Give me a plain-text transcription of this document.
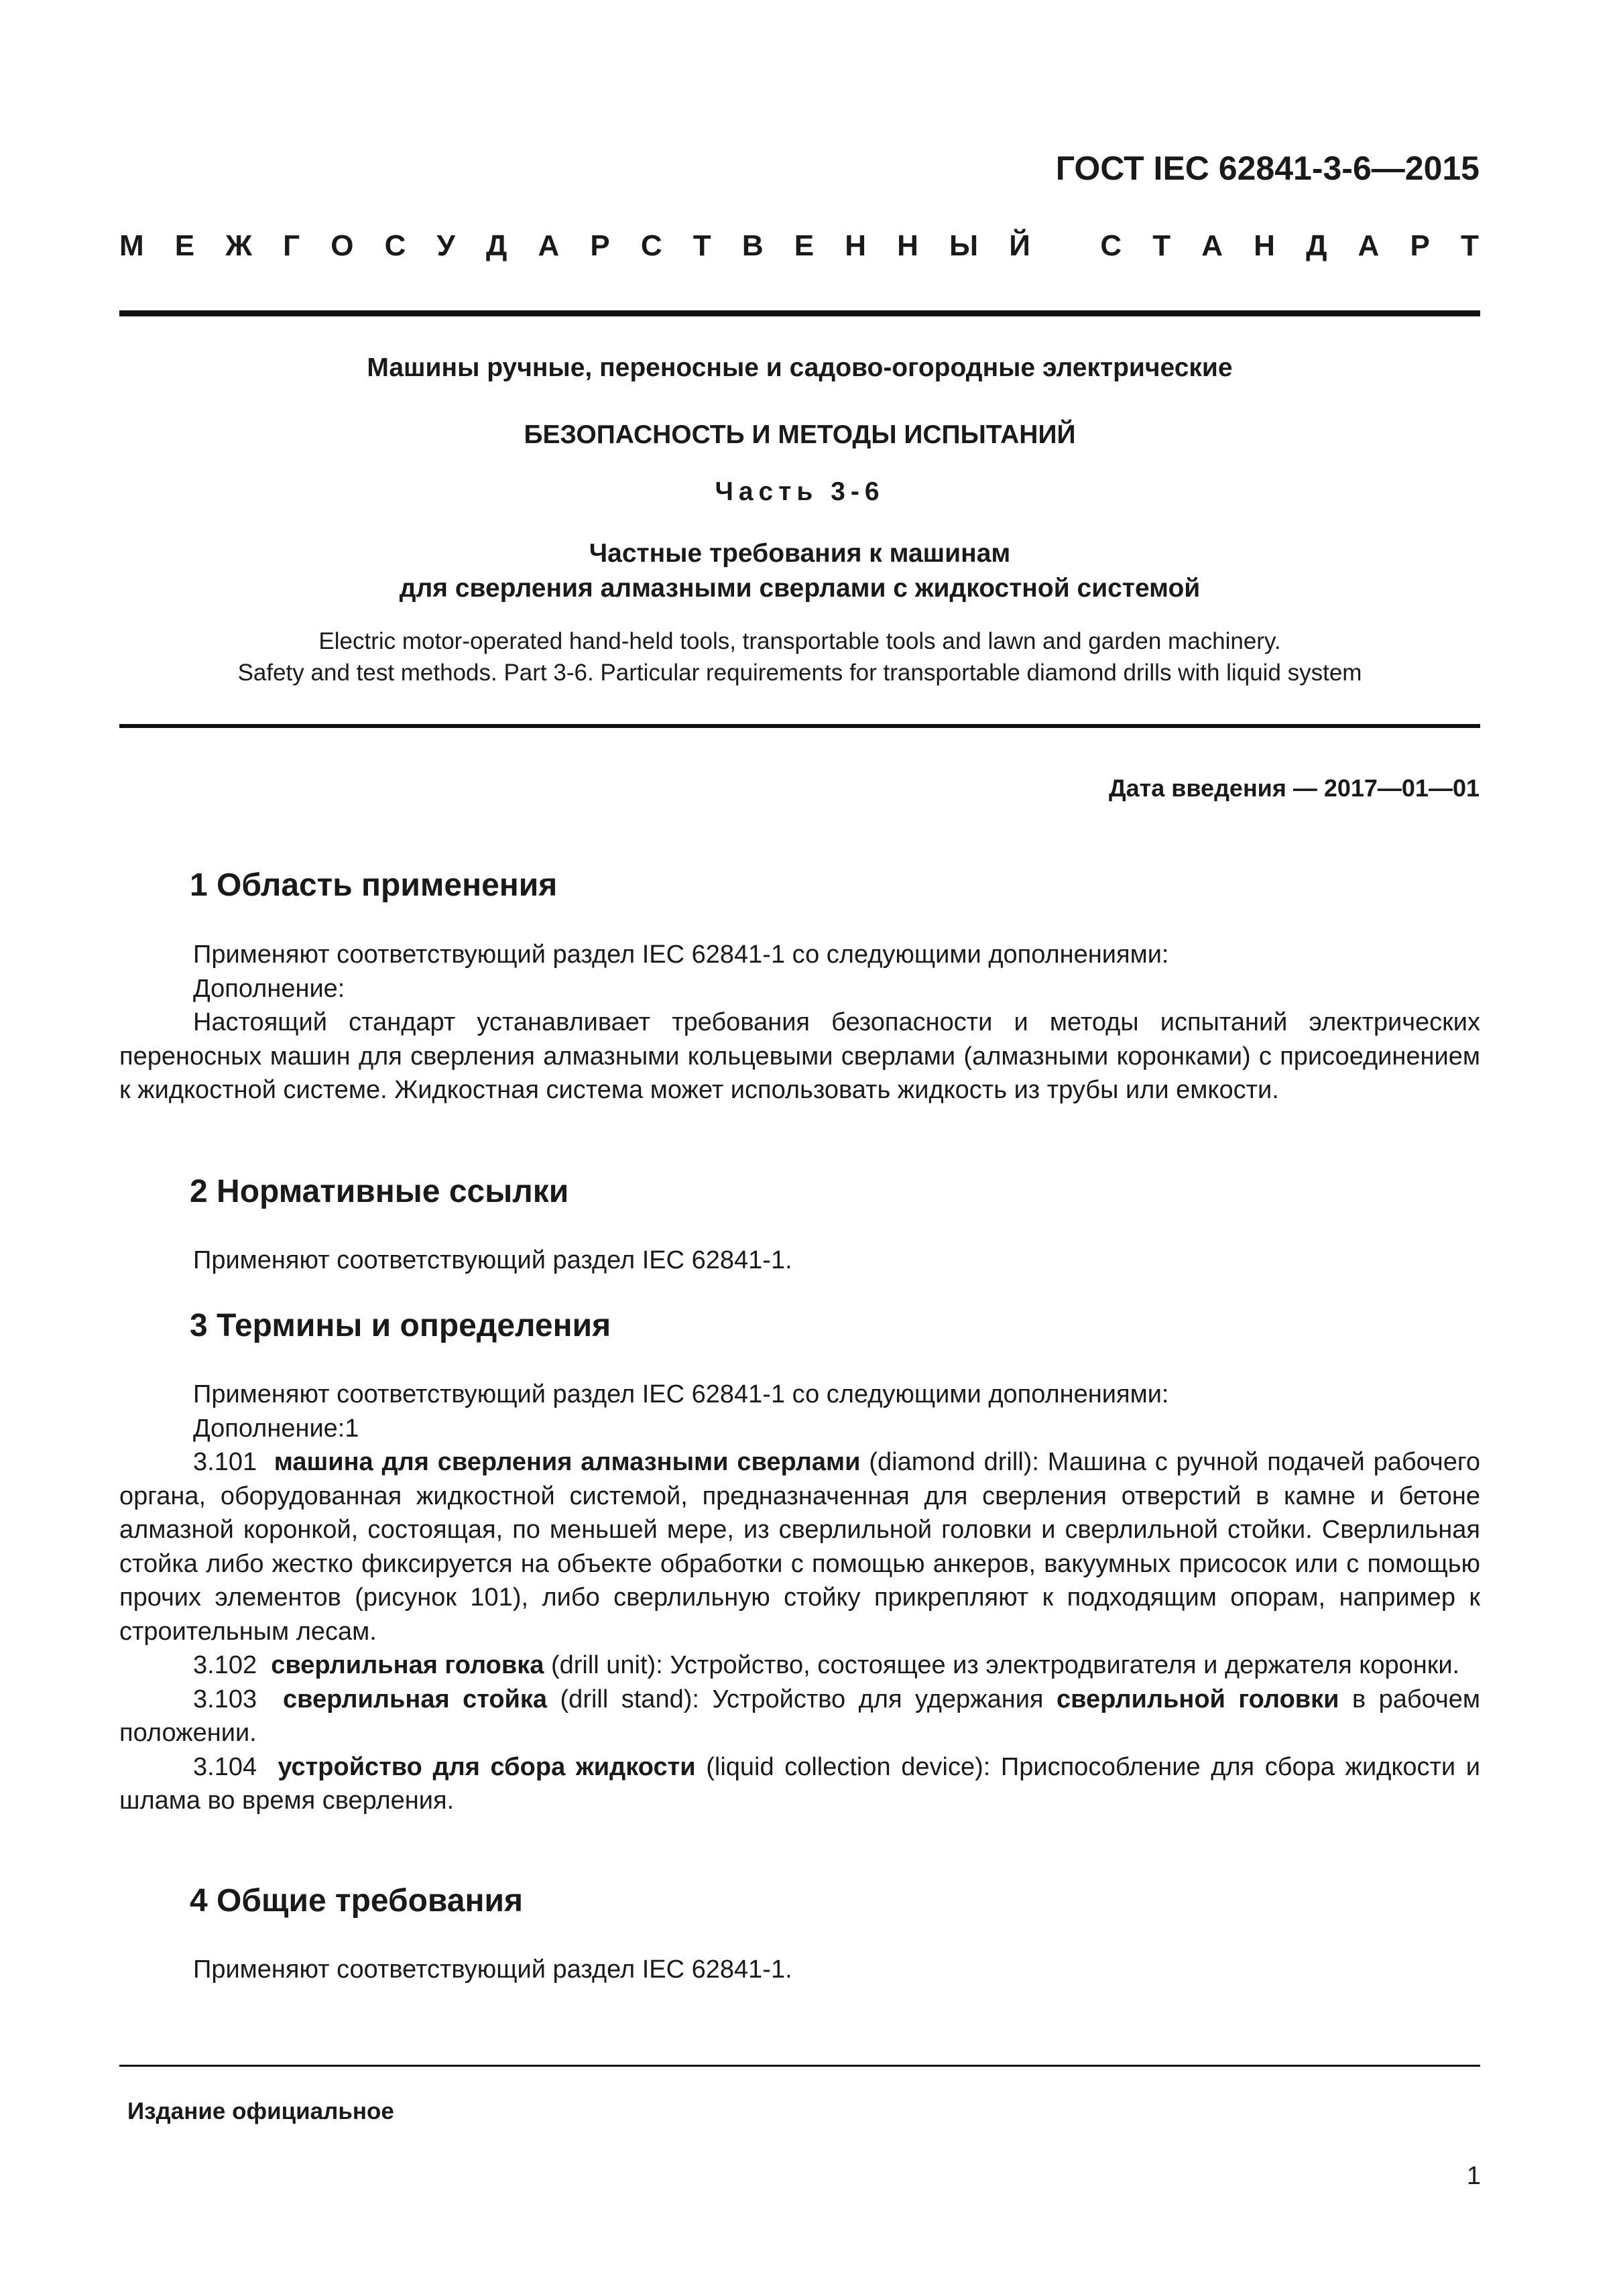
ГОСТ IEC 62841-3-6—2015
М Е Ж Г О С У Д А Р С Т В Е Н Н Ы Й
С Т А Н Д А Р Т
Машины ручные, переносные и садово-огородные электрические
БЕЗОПАСНОСТЬ И МЕТОДЫ ИСПЫТАНИЙ
Часть 3-6
Частные требования к машинам
для сверления алмазными сверлами с жидкостной системой
Electric motor-operated hand-held tools, transportable tools and lawn and garden machinery.
Safety and test methods. Part 3-6. Particular requirements for transportable diamond drills with liquid system
Дата введения — 2017—01—01
1 Область применения

Применяют соответствующий раздел IEC 62841-1 со следующими дополнениями:

Дополнение:

Настоящий стандарт устанавливает требования безопасности и методы испытаний электрических переносных машин для сверления алмазными кольцевыми сверлами (алмазными коронками) с присоединением к жидкостной системе. Жидкостная система может использовать жидкость из трубы или емкости.

2 Нормативные ссылки

Применяют соответствующий раздел IEC 62841-1.

3 Термины и определения

Применяют соответствующий раздел IEC 62841-1 со следующими дополнениями:

Дополнение:1

3.101 машина для сверления алмазными сверлами (diamond drill): Машина с ручной подачей рабочего органа, оборудованная жидкостной системой, предназначенная для сверления отверстий в камне и бетоне алмазной коронкой, состоящая, по меньшей мере, из сверлильной головки и сверлильной стойки. Сверлильная стойка либо жестко фиксируется на объекте обработки с помощью анкеров, вакуумных присосок или с помощью прочих элементов (рисунок 101), либо сверлильную стойку прикрепляют к подходящим опорам, например к строительным лесам.

3.102 сверлильная головка (drill unit): Устройство, состоящее из электродвигателя и держателя коронки.

3.103 сверлильная стойка (drill stand): Устройство для удержания сверлильной головки в рабочем положении.

3.104 устройство для сбора жидкости (liquid collection device): Приспособление для сбора жидкости и шлама во время сверления.

4 Общие требования

Применяют соответствующий раздел IEC 62841-1.

Издание официальное
1
